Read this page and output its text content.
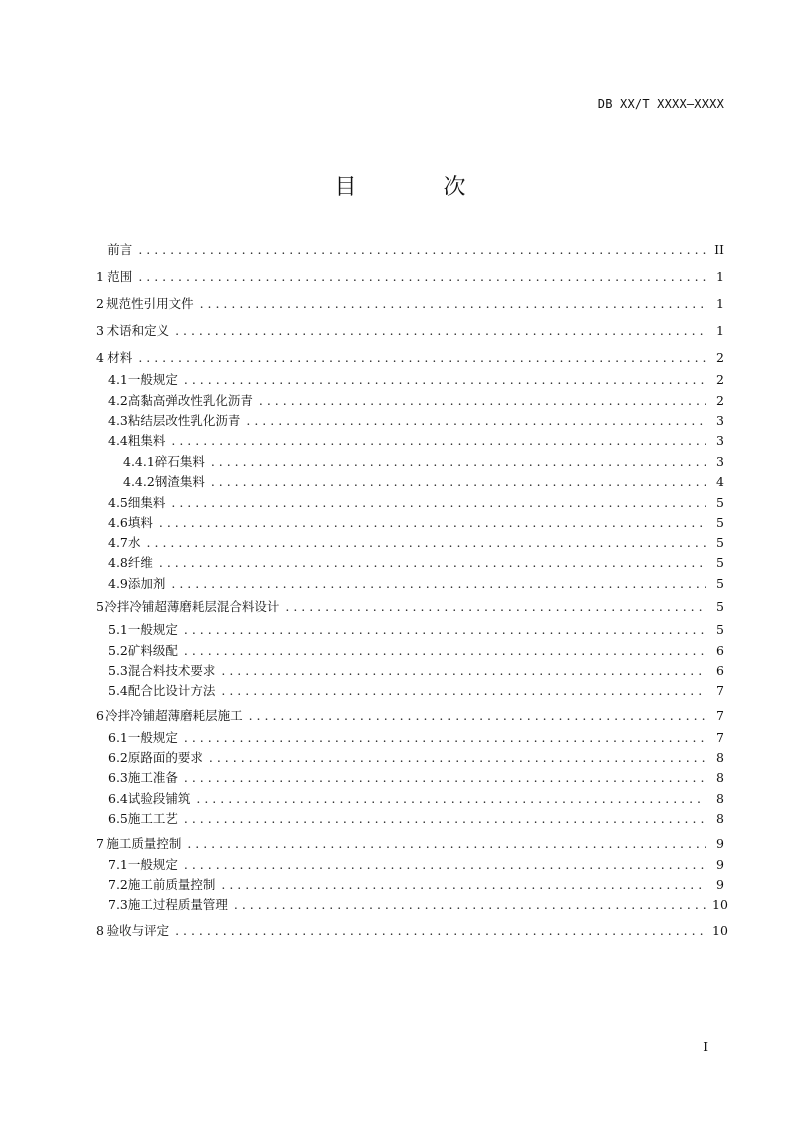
DB XX/T XXXX—XXXX
目 次
前言 . . .	II
1 范围 . . .	1
2 规范性引用文件 . . .	1
3 术语和定义 . . .	1
4 材料 . . .	2
4.1 一般规定 . . .	2
4.2 高黏高弹改性乳化沥青 . . .	2
4.3 粘结层改性乳化沥青 . . .	3
4.4 粗集料 . . .	3
4.4.1 碎石集料 . . .	3
4.4.2 钢渣集料 . . .	4
4.5 细集料 . . .	5
4.6 填料 . . .	5
4.7 水 . . .	5
4.8 纤维 . . .	5
4.9 添加剂 . . .	5
5 冷拌冷铺超薄磨耗层混合料设计 . . .	5
5.1 一般规定 . . .	5
5.2 矿料级配 . . .	6
5.3 混合料技术要求 . . .	6
5.4 配合比设计方法 . . .	7
6 冷拌冷铺超薄磨耗层施工 . . .	7
6.1 一般规定 . . .	7
6.2 原路面的要求 . . .	8
6.3 施工准备 . . .	8
6.4 试验段铺筑 . . .	8
6.5 施工工艺 . . .	8
7 施工质量控制 . . .	9
7.1 一般规定 . . .	9
7.2 施工前质量控制 . . .	9
7.3 施工过程质量管理 . . .	10
8 验收与评定 . . .	10
I
